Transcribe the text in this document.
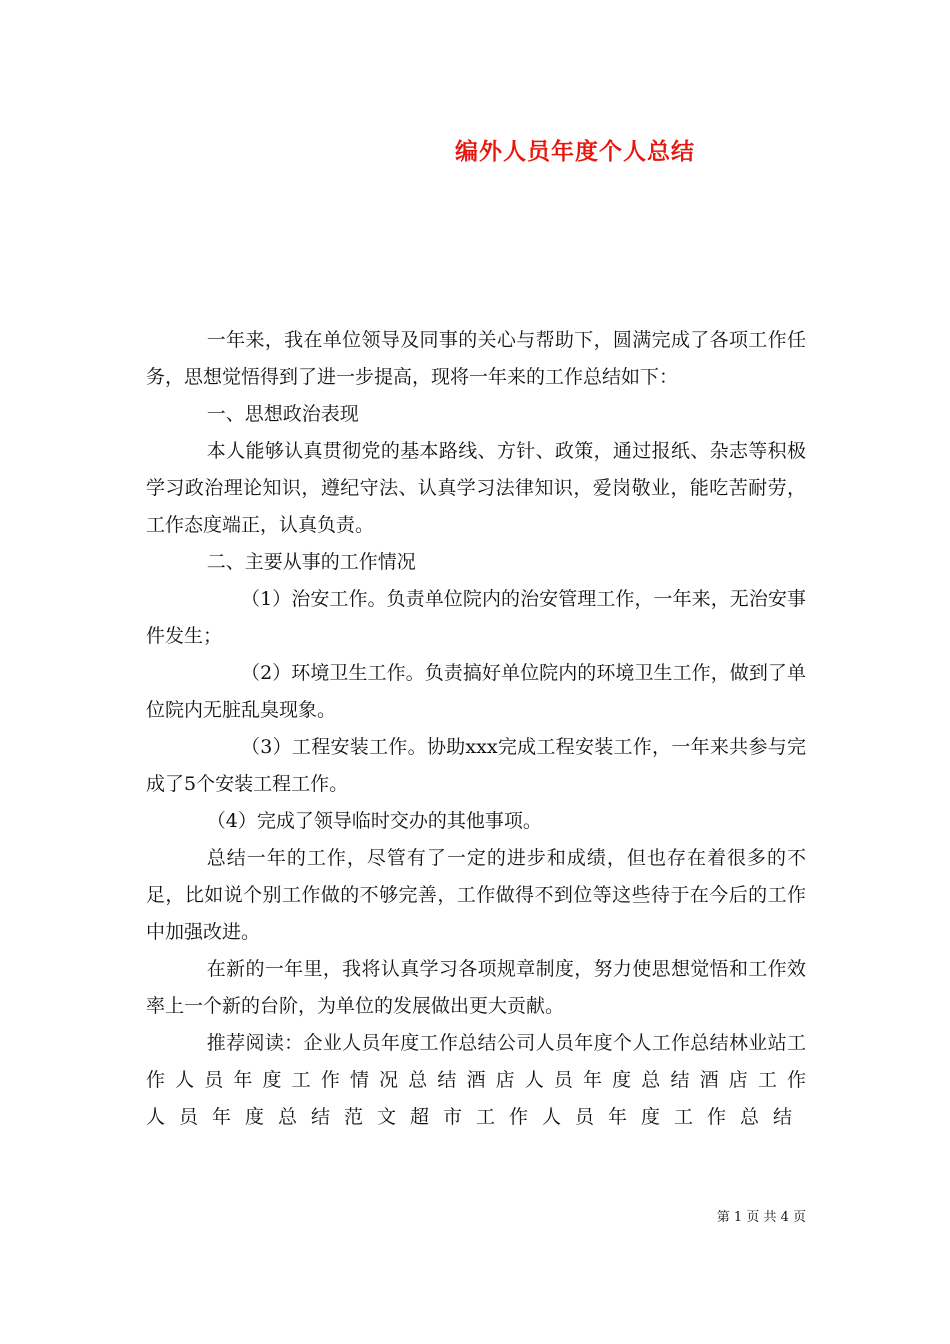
编外人员年度个人总结

一年来，我在单位领导及同事的关心与帮助下，圆满完成了各项工作任务，思想觉悟得到了进一步提高，现将一年来的工作总结如下：

一、思想政治表现

本人能够认真贯彻党的基本路线、方针、政策，通过报纸、杂志等积极学习政治理论知识，遵纪守法、认真学习法律知识，爱岗敬业，能吃苦耐劳，工作态度端正，认真负责。

二、主要从事的工作情况

（1）治安工作。负责单位院内的治安管理工作，一年来，无治安事件发生；

（2）环境卫生工作。负责搞好单位院内的环境卫生工作，做到了单位院内无脏乱臭现象。

（3）工程安装工作。协助xxx完成工程安装工作，一年来共参与完成了5个安装工程工作。

（4）完成了领导临时交办的其他事项。

总结一年的工作，尽管有了一定的进步和成绩，但也存在着很多的不足，比如说个别工作做的不够完善，工作做得不到位等这些待于在今后的工作中加强改进。

在新的一年里，我将认真学习各项规章制度，努力使思想觉悟和工作效率上一个新的台阶，为单位的发展做出更大贡献。

推荐阅读：企业人员年度工作总结公司人员年度个人工作总结林业站工作人员年度工作情况总结酒店人员年度总结酒店工作

人员年度总结范文超市工作人员年度工作总结

第 1 页 共 4 页
